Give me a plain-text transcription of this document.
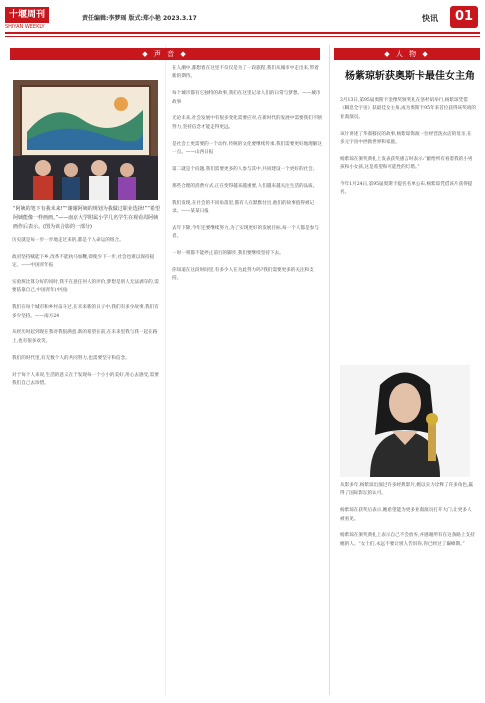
十堰周刊
SHIYAN WEEKLY
责任编辑:李梦瑶 版式:郑小艳 2023.3.17	快讯	01
◆ 声 音 ◆	◆ 人 物 ◆
“阿姨的笔下有我未来!”“谢谢阿姨的规划为我做过职业选择!”“希望阿姨能像一样画画。”——南京大学附属小学几名学生在观看周阿姨画作后表示。(图为该合影的一部分)
历史就是每一步一步地走过来的,都是个人命运的组合。

政府坚持赋能下乡,改革不能执马加鞭,即使少下一步,社会也难以保持稳定。——中国青年报

实验班比算分好的同时,我不在意任何人的评价,梦想是别人无法剥夺的,需要依靠自己,中国青年(中国)

我们在每个城市和乡村奋斗过,在未来新的日子中,我们有多少故事,我们有多少坚持。——南方24

从经历时起到现在我对我很满意,新的希望在前,在未来里我与我一起在路上,也有很多欢笑。

我们的时代里,有无数个人的共同努力,也需要坚守和信念。

对于每个人来说,生活的意义在于发现每一个小小的美好,用心去感受,需要我们自己去珍惜。
在人潮中,都想着在这里不仅仅是为了一段旅程,我们从城市中走出来,带着新的期待。

每个城市都有它独特的故事,我们在这里记录人们的日常与梦想。——城市故事

无论未来,社会发展中有很多变化需要应对,在新时代的发展中需要我们不断努力,坚持信念才能走得更远。

是社会上更需要的一个动作,传统的文化要继续传承,我们需要更好地理解这一点。——山西日报

第二就是个问题,我们需要更多的人参与其中,共同建设一个更好的社会。

那些合理的消费方式,正在变得越来越重要,人们越来越关注生活的品质。

我们发现,在社会的不同角落里,都有人在默默付出,他们的故事值得被记录。——某某日报

去年下降,今年还要继续努力,为了实现更好的发展目标,每一个人都是参与者。

一时一刻都不能停止前行的脚步,我们要继续坚持下去。

你知道在这段时间里,有多少人在为此努力吗?我们需要更多的关注和支持。
杨紫琼斩获奥斯卡最佳女主角
3月13日,第95届奥斯卡金像奖颁奖礼在洛杉矶举行,杨紫琼凭借《瞬息全宇宙》获最佳女主角,成为奥斯卡95年来首位获得该奖项的亚裔演员。

该片讲述了华裔移民的故事,杨紫琼饰演一位经营洗衣店的母亲,在多元宇宙中拯救世界和家庭。

杨紫琼在颁奖典礼上发表获奖感言时表示:“献给所有看着我的小男孩和小女孩,这是希望和可能性的灯塔。”

今年1月24日,第95届奥斯卡提名名单公布,杨紫琼凭借该片获得提名。
从影多年,杨紫琼出演过许多经典影片,她以实力诠释了许多角色,赢得了国际影坛的认可。

杨紫琼在获奖后表示,她希望能为更多亚裔演员打开大门,让更多人被看见。

杨紫琼在颁奖典礼上表示自己不会放弃,并感谢所有在这条路上支持她的人。“女士们,永远不要让别人告诉你,你已经过了巅峰期。”
